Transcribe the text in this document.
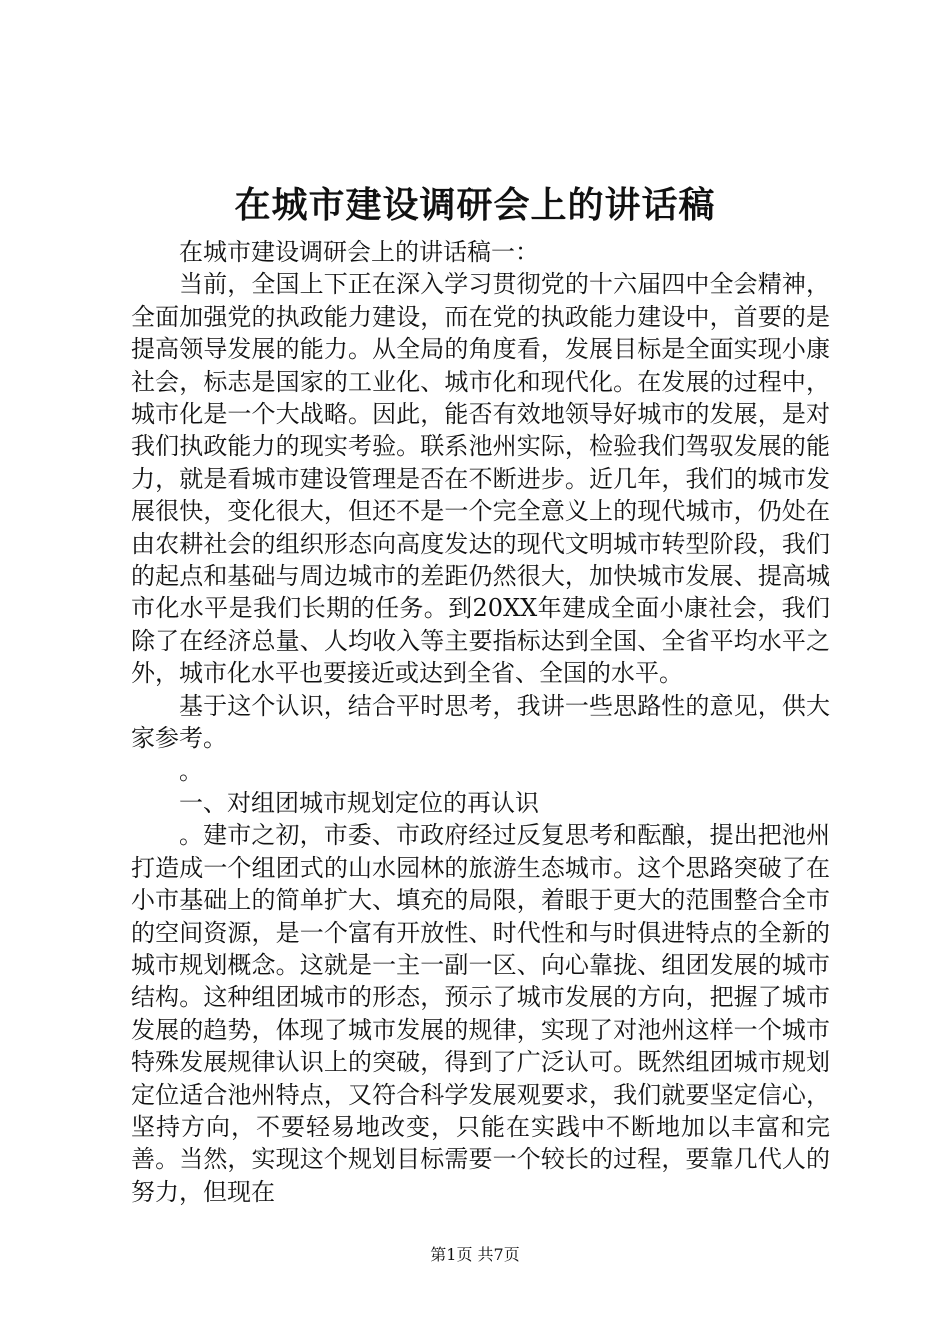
在城市建设调研会上的讲话稿

在城市建设调研会上的讲话稿一：

当前，全国上下正在深入学习贯彻党的十六届四中全会精神，全面加强党的执政能力建设，而在党的执政能力建设中，首要的是提高领导发展的能力。从全局的角度看，发展目标是全面实现小康社会，标志是国家的工业化、城市化和现代化。在发展的过程中，城市化是一个大战略。因此，能否有效地领导好城市的发展，是对我们执政能力的现实考验。联系池州实际，检验我们驾驭发展的能力，就是看城市建设管理是否在不断进步。近几年，我们的城市发展很快，变化很大，但还不是一个完全意义上的现代城市，仍处在由农耕社会的组织形态向高度发达的现代文明城市转型阶段，我们的起点和基础与周边城市的差距仍然很大，加快城市发展、提高城市化水平是我们长期的任务。到20XX年建成全面小康社会，我们除了在经济总量、人均收入等主要指标达到全国、全省平均水平之外，城市化水平也要接近或达到全省、全国的水平。

基于这个认识，结合平时思考，我讲一些思路性的意见，供大家参考。

。

一、对组团城市规划定位的再认识

。建市之初，市委、市政府经过反复思考和酝酿，提出把池州打造成一个组团式的山水园林的旅游生态城市。这个思路突破了在小市基础上的简单扩大、填充的局限，着眼于更大的范围整合全市的空间资源，是一个富有开放性、时代性和与时俱进特点的全新的城市规划概念。这就是一主一副一区、向心靠拢、组团发展的城市结构。这种组团城市的形态，预示了城市发展的方向，把握了城市发展的趋势，体现了城市发展的规律，实现了对池州这样一个城市特殊发展规律认识上的突破，得到了广泛认可。既然组团城市规划定位适合池州特点，又符合科学发展观要求，我们就要坚定信心，坚持方向，不要轻易地改变，只能在实践中不断地加以丰富和完善。当然，实现这个规划目标需要一个较长的过程，要靠几代人的努力，但现在

第1页 共7页
